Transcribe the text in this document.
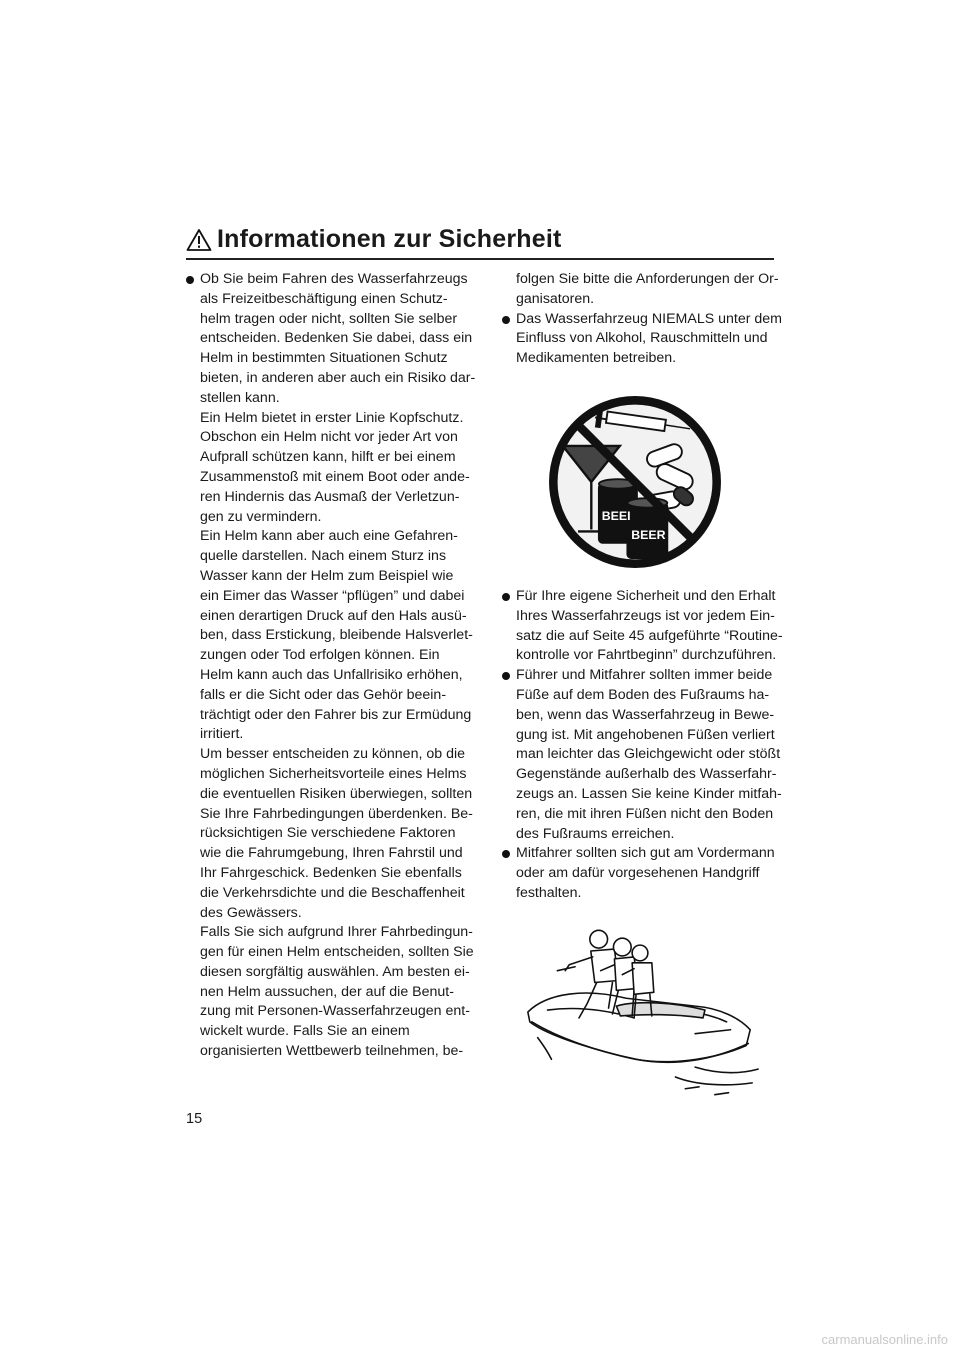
Informationen zur Sicherheit

Ob Sie beim Fahren des Wasserfahrzeugs
als Freizeitbeschäftigung einen Schutz-
helm tragen oder nicht, sollten Sie selber
entscheiden. Bedenken Sie dabei, dass ein
Helm in bestimmten Situationen Schutz
bieten, in anderen aber auch ein Risiko dar-
stellen kann.

Ein Helm bietet in erster Linie Kopfschutz.
Obschon ein Helm nicht vor jeder Art von
Aufprall schützen kann, hilft er bei einem
Zusammenstoß mit einem Boot oder ande-
ren Hindernis das Ausmaß der Verletzun-
gen zu vermindern.

Ein Helm kann aber auch eine Gefahren-
quelle darstellen. Nach einem Sturz ins
Wasser kann der Helm zum Beispiel wie
ein Eimer das Wasser “pflügen” und dabei
einen derartigen Druck auf den Hals ausü-
ben, dass Erstickung, bleibende Halsverlet-
zungen oder Tod erfolgen können. Ein
Helm kann auch das Unfallrisiko erhöhen,
falls er die Sicht oder das Gehör beein-
trächtigt oder den Fahrer bis zur Ermüdung
irritiert.

Um besser entscheiden zu können, ob die
möglichen Sicherheitsvorteile eines Helms
die eventuellen Risiken überwiegen, sollten
Sie Ihre Fahrbedingungen überdenken. Be-
rücksichtigen Sie verschiedene Faktoren
wie die Fahrumgebung, Ihren Fahrstil und
Ihr Fahrgeschick. Bedenken Sie ebenfalls
die Verkehrsdichte und die Beschaffenheit
des Gewässers.

Falls Sie sich aufgrund Ihrer Fahrbedingun-
gen für einen Helm entscheiden, sollten Sie
diesen sorgfältig auswählen. Am besten ei-
nen Helm aussuchen, der auf die Benut-
zung mit Personen-Wasserfahrzeugen ent-
wickelt wurde. Falls Sie an einem
organisierten Wettbewerb teilnehmen, be-

folgen Sie bitte die Anforderungen der Or-
ganisatoren.

Das Wasserfahrzeug NIEMALS unter dem
Einfluss von Alkohol, Rauschmitteln und
Medikamenten betreiben.

BEEI
BEER

Für Ihre eigene Sicherheit und den Erhalt
Ihres Wasserfahrzeugs ist vor jedem Ein-
satz die auf Seite 45 aufgeführte “Routine-
kontrolle vor Fahrtbeginn” durchzuführen.

Führer und Mitfahrer sollten immer beide
Füße auf dem Boden des Fußraums ha-
ben, wenn das Wasserfahrzeug in Bewe-
gung ist. Mit angehobenen Füßen verliert
man leichter das Gleichgewicht oder stößt
Gegenstände außerhalb des Wasserfahr-
zeugs an. Lassen Sie keine Kinder mitfah-
ren, die mit ihren Füßen nicht den Boden
des Fußraums erreichen.

Mitfahrer sollten sich gut am Vordermann
oder am dafür vorgesehenen Handgriff
festhalten.

15
carmanualsonline.info
